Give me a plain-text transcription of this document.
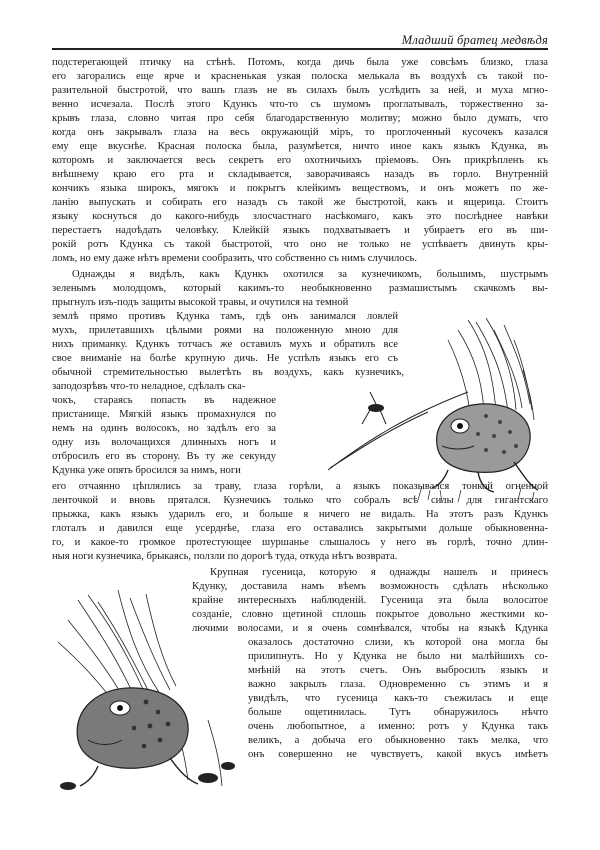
Младший братец медвѣдя
подстерегающей птичку на стѣнѣ. Потомъ, когда дичь была уже совсѣмъ близко, глаза
его загорались еще ярче и красненькая узкая полоска мелькала въ воздухѣ съ такой по-
разительной быстротой, что вашъ глазъ не въ силахъ былъ услѣдить за ней, и муха мгно-
венно исчезала. Послѣ этого Кдункъ что-то съ шумомъ проглатывалъ, торжественно за-
крывъ глаза, словно читая про себя благодарственную молитву; можно было думать, что
когда онъ закрывалъ глаза на весь окружающій міръ, то проглоченный кусочекъ казался
ему еще вкуснѣе. Красная полоска была, разумѣется, ничто иное какъ языкъ Кдунка, въ
которомъ и заключается весь секретъ его охотничьихъ пріемовъ. Онъ прикрѣпленъ къ
внѣшнему краю его рта и складывается, заворачиваясь назадъ въ горло. Внутренній
кончикъ языка широкъ, мягокъ и покрытъ клейкимъ веществомъ, и онъ можетъ по же-
ланію выпускать и собирать его назадъ съ такой же быстротой, какъ и ящерица. Стоитъ
языку коснуться до какого-нибудь злосчастнаго насѣкомаго, какъ это послѣднее навѣки
перестаетъ надоѣдать человѣку. Клейкій языкъ подхватываетъ и убираетъ его въ ши-
рокій ротъ Кдунка съ такой быстротой, что оно не только не успѣваетъ двинуть кры-
ломъ, но ему даже нѣтъ времени сообразить, что собственно съ нимъ случилось.
Однажды я видѣлъ, какъ Кдункъ охотился за кузнечикомъ, большимъ, шустрымъ
зеленымъ молодцомъ, который какимъ-то необыкновенно размашистымъ скачкомъ вы-
прыгнулъ изъ-подъ защиты высокой травы, и очутился на темной
землѣ прямо противъ Кдунка тамъ, гдѣ онъ занимался ловлей
мухъ, прилетавшихъ цѣлыми роями на положенную мною для
нихъ приманку. Кдункъ тотчасъ же оставилъ мухъ и обратилъ все
свое вниманіе на болѣе крупную дичь. Не успѣлъ языкъ его съ
обычной стремительностью вылетѣть въ воздухъ, какъ кузнечикъ,
заподозрѣвъ что-то неладное, сдѣлалъ ска-
чокъ, стараясь попасть въ надежное
пристанище. Мягкій языкъ промахнулся по
немъ на одинъ волосокъ, но задѣлъ его за
одну изъ волочащихся длинныхъ ногъ и
отбросилъ его въ сторону. Въ ту же секунду
Кдунка уже опять бросился за нимъ, ноги
его отчаянно цѣплялись за траву, глаза горѣли, а языкъ показывался тонкой огненной
ленточкой и вновь прятался. Кузнечикъ только что собралъ всѣ силы для гигантскаго
прыжка, какъ языкъ ударилъ его, и больше я ничего не видалъ. На этотъ разъ Кдункъ
глоталъ и давился еще усерднѣе, глаза его оставались закрытыми дольше обыкновенна-
го, и какое-то громкое протестующее шуршанье слышалось у него въ горлѣ, точно длин-
ныя ноги кузнечика, брыкаясь, ползли по дорогѣ туда, откуда нѣтъ возврата.
Крупная гусеница, которую я однажды нашелъ и принесъ
Кдунку, доставила намъ вѣемъ возможность сдѣлать нѣсколько
крайне интересныхъ наблюденій. Гусеница эта была волосатое
созданіе, словно щетиной сплошь покрытое довольно жесткими ко-
лючими волосами, и я очень сомнѣвался, чтобы на языкѣ Кдунка
оказалось достаточно слизи, къ которой она могла бы
прилипнуть. Но у Кдунка не было ни малѣйшихъ со-
мнѣній на этотъ счетъ. Онъ выбросилъ языкъ и
важно закрылъ глаза. Одновременно съ этимъ и я
увидѣлъ, что гусеница какъ-то съежилась и еще
больше ощетинилась. Тутъ обнаружилось нѣчто
очень любопытное, а именно: ротъ у Кдунка такъ
великъ, а добыча его обыкновенно такъ мелка, что
онъ совершенно не чувствуетъ, какой вкусъ имѣетъ
